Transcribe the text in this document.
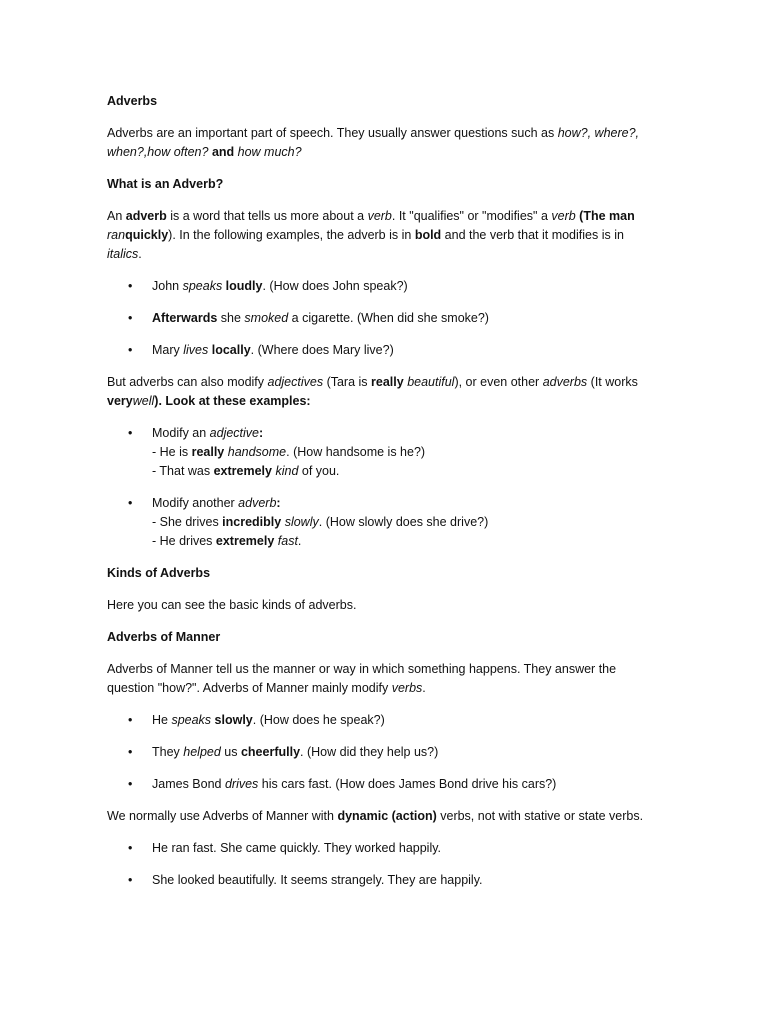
Adverbs

Adverbs are an important part of speech. They usually answer questions such as how?, where?, when?,how often? and how much?

What is an Adverb?

An adverb is a word that tells us more about a verb. It "qualifies" or "modifies" a verb (The man ranquickly). In the following examples, the adverb is in bold and the verb that it modifies is in italics.

• John speaks loudly. (How does John speak?)
• Afterwards she smoked a cigarette. (When did she smoke?)
• Mary lives locally. (Where does Mary live?)

But adverbs can also modify adjectives (Tara is really beautiful), or even other adverbs (It works verywell). Look at these examples:

• Modify an adjective:
- He is really handsome. (How handsome is he?)
- That was extremely kind of you.
• Modify another adverb:
- She drives incredibly slowly. (How slowly does she drive?)
- He drives extremely fast.
Kinds of Adverbs

Here you can see the basic kinds of adverbs.

Adverbs of Manner

Adverbs of Manner tell us the manner or way in which something happens. They answer the question "how?". Adverbs of Manner mainly modify verbs.

• He speaks slowly. (How does he speak?)
• They helped us cheerfully. (How did they help us?)
• James Bond drives his cars fast. (How does James Bond drive his cars?)

We normally use Adverbs of Manner with dynamic (action) verbs, not with stative or state verbs.

• He ran fast. She came quickly. They worked happily.
• She looked beautifully. It seems strangely. They are happily.
